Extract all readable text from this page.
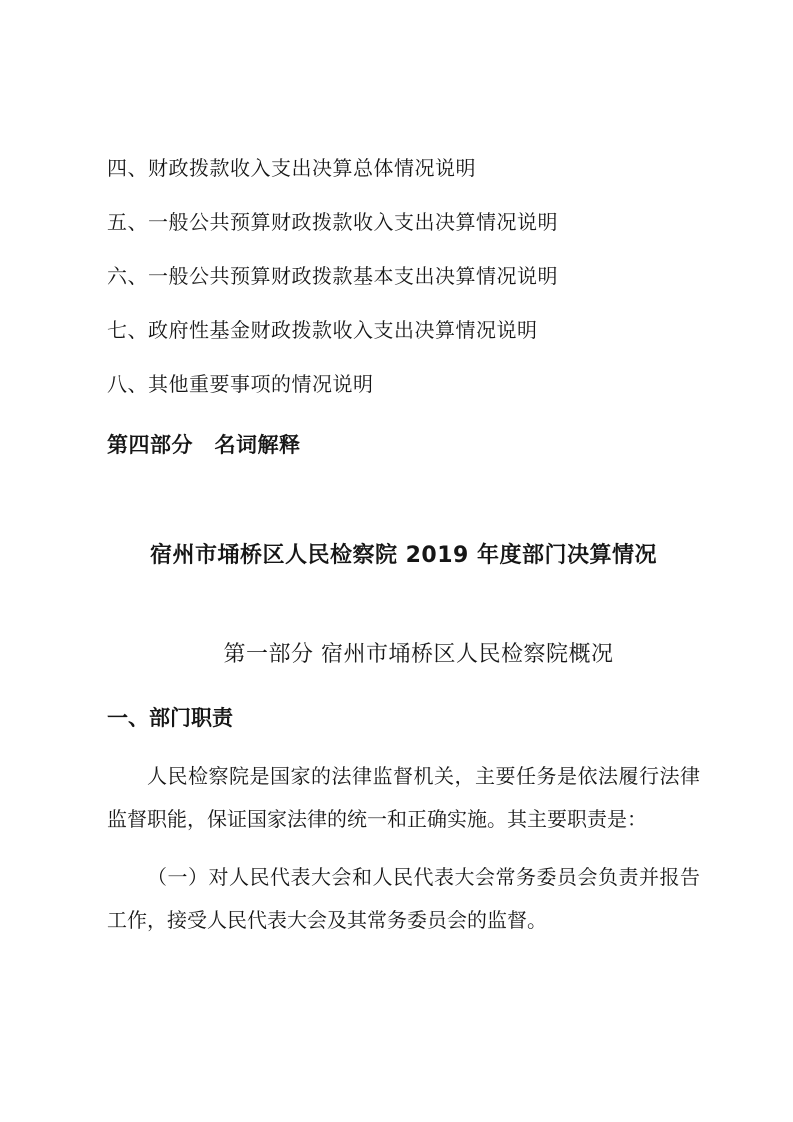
四、财政拨款收入支出决算总体情况说明
五、一般公共预算财政拨款收入支出决算情况说明
六、一般公共预算财政拨款基本支出决算情况说明
七、政府性基金财政拨款收入支出决算情况说明
八、其他重要事项的情况说明
第四部分　名词解释
宿州市埇桥区人民检察院 2019 年度部门决算情况
第一部分 宿州市埇桥区人民检察院概况
一、部门职责
人民检察院是国家的法律监督机关，主要任务是依法履行法律
监督职能，保证国家法律的统一和正确实施。其主要职责是：
（一）对人民代表大会和人民代表大会常务委员会负责并报告
工作，接受人民代表大会及其常务委员会的监督。
